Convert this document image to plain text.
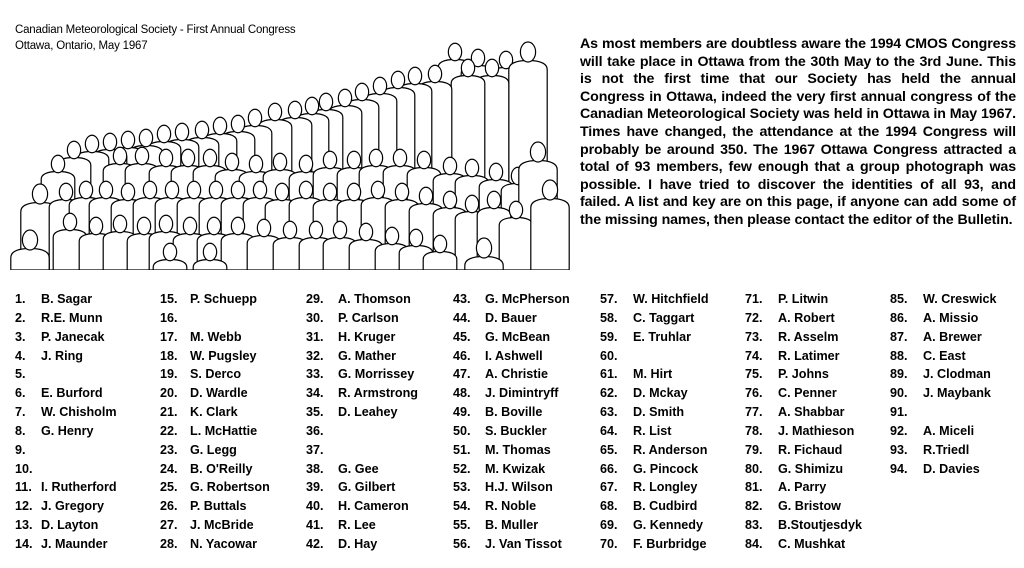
Canadian Meteorological Society - First Annual Congress
Ottawa, Ontario, May 1967	As most members are doubtless aware the 1994 CMOS Congress will take place in Ottawa from the 30th May to the 3rd June. This is not the first time that our Society has held the annual Congress in Ottawa, indeed the very first annual congress of the Canadian Meteorological Society was held in Ottawa in May 1967. Times have changed, the attendance at the 1994 Congress will probably be around 350. The 1967 Ottawa Congress attracted a total of 93 members, few enough that a group photograph was possible. I have tried to discover the identities of all 93, and failed. A list and key are on this page, if anyone can add some of the missing names, then please contact the editor of the Bulletin.

1. B. Sagar
2. R.E. Munn
3. P. Janecak
4. J. Ring
5.
6. E. Burford
7. W. Chisholm
8. G. Henry
9.
10.
11. I. Rutherford
12. J. Gregory
13. D. Layton
14. J. Maunder
15. P. Schuepp
16.
17. M. Webb
18. W. Pugsley
19. S. Derco
20. D. Wardle
21. K. Clark
22. L. McHattie
23. G. Legg
24. B. O'Reilly
25. G. Robertson
26. P. Buttals
27. J. McBride
28. N. Yacowar
29. A. Thomson
30. P. Carlson
31. H. Kruger
32. G. Mather
33. G. Morrissey
34. R. Armstrong
35. D. Leahey
36.
37.
38. G. Gee
39. G. Gilbert
40. H. Cameron
41. R. Lee
42. D. Hay
43. G. McPherson
44. D. Bauer
45. G. McBean
46. I. Ashwell
47. A. Christie
48. J. Dimintryff
49. B. Boville
50. S. Buckler
51. M. Thomas
52. M. Kwizak
53. H.J. Wilson
54. R. Noble
55. B. Muller
56. J. Van Tissot
57. W. Hitchfield
58. C. Taggart
59. E. Truhlar
60.
61. M. Hirt
62. D. Mckay
63. D. Smith
64. R. List
65. R. Anderson
66. G. Pincock
67. R. Longley
68. B. Cudbird
69. G. Kennedy
70. F. Burbridge
71. P. Litwin
72. A. Robert
73. R. Asselm
74. R. Latimer
75. P. Johns
76. C. Penner
77. A. Shabbar
78. J. Mathieson
79. R. Fichaud
80. G. Shimizu
81. A. Parry
82. G. Bristow
83. B.Stoutjesdyk
84. C. Mushkat
85. W. Creswick
86. A. Missio
87. A. Brewer
88. C. East
89. J. Clodman
90. J. Maybank
91.
92. A. Miceli
93. R.Triedl
94. D. Davies
